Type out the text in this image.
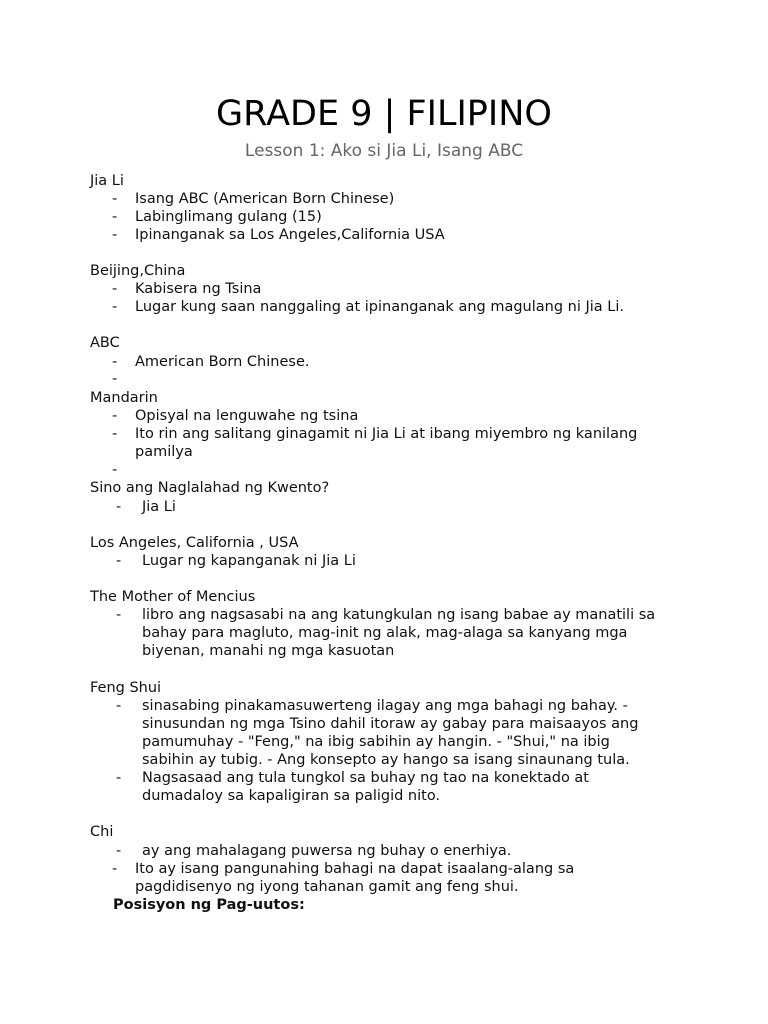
GRADE 9 | FILIPINO
Lesson 1: Ako si Jia Li, Isang ABC
Jia Li
- Isang ABC (American Born Chinese)
- Labinglimang gulang (15)
- Ipinanganak sa Los Angeles,California USA
Beijing,China
- Kabisera ng Tsina
- Lugar kung saan nanggaling at ipinanganak ang magulang ni Jia Li.
ABC
- American Born Chinese.
-
Mandarin
- Opisyal na lenguwahe ng tsina
- Ito rin ang salitang ginagamit ni Jia Li at ibang miyembro ng kanilang
pamilya
-
Sino ang Naglalahad ng Kwento?
- Jia Li
Los Angeles, California , USA
- Lugar ng kapanganak ni Jia Li
The Mother of Mencius
- libro ang nagsasabi na ang katungkulan ng isang babae ay manatili sa
bahay para magluto, mag-init ng alak, mag-alaga sa kanyang mga
biyenan, manahi ng mga kasuotan
Feng Shui
- sinasabing pinakamasuwerteng ilagay ang mga bahagi ng bahay. -
sinusundan ng mga Tsino dahil itoraw ay gabay para maisaayos ang
pamumuhay - "Feng," na ibig sabihin ay hangin. - "Shui," na ibig
sabihin ay tubig. - Ang konsepto ay hango sa isang sinaunang tula.
- Nagsasaad ang tula tungkol sa buhay ng tao na konektado at
dumadaloy sa kapaligiran sa paligid nito.
Chi
- ay ang mahalagang puwersa ng buhay o enerhiya.
- Ito ay isang pangunahing bahagi na dapat isaalang-alang sa
pagdidisenyo ng iyong tahanan gamit ang feng shui.
Posisyon ng Pag-uutos:
